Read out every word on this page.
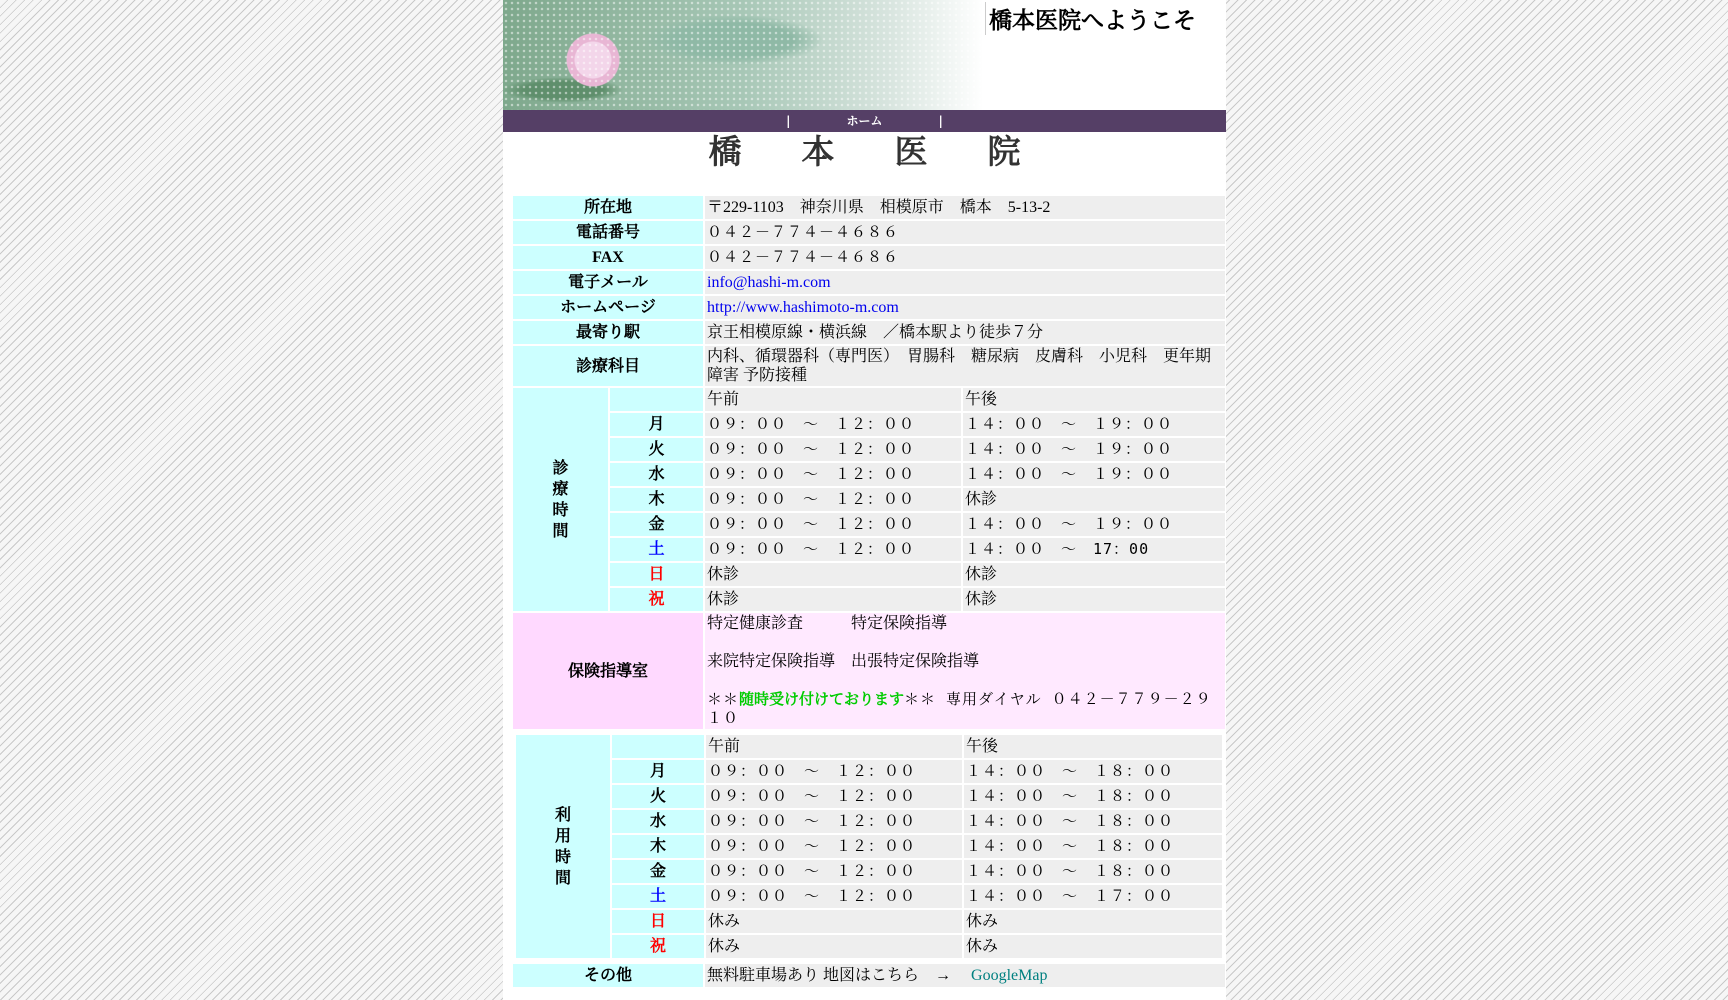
橋本医院へようこそ
|	ホーム	|
橋本医院
所在地		〒229-1103　神奈川県　相模原市　橋本　5-13-2	
電話番号		０４２－７７４－４６８６	
FAX		０４２－７７４－４６８６	
電子メール		info@hashi-m.com	
ホームページ		http://www.hashimoto-m.com	
最寄り駅		京王相模原線・横浜線　／橋本駅より徒歩７分	
診療科目		内科、循環器科（専門医）　胃腸科　糖尿病　皮膚科　小児科　更年期障害 予防接種	
診療時間		午前	午後
	月	０９：００　～　１２：００	１４：００　～　１９：００
	火	０９：００　～　１２：００	１４：００　～　１９：００
	水	０９：００　～　１２：００	１４：００　～　１９：００
	木	０９：００　～　１２：００	休診
	金	０９：００　～　１２：００	１４：００　～　１９：００
	土	０９：００　～　１２：００	１４：００　～　17：00
	日	休診	休診
	祝	休診	休診
保険指導室		特定健康診査　　　特定保険指導
来院特定保険指導　出張特定保険指導
＊＊随時受け付けております＊＊ 専用ダイヤル ０４２－７７９－２９１０	
利用時間		午前	午後
	月	０９：００　～　１２：００	１４：００　～　１８：００
	火	０９：００　～　１２：００	１４：００　～　１８：００
	水	０９：００　～　１２：００	１４：００　～　１８：００
	木	０９：００　～　１２：００	１４：００　～　１８：００
	金	０９：００　～　１２：００	１４：００　～　１８：００
	土	０９：００　～　１２：００	１４：００　～　１７：００
	日	休み	休み
	祝	休み	休み
その他	無料駐車場あり 地図はこちら　→　 GoogleMap
